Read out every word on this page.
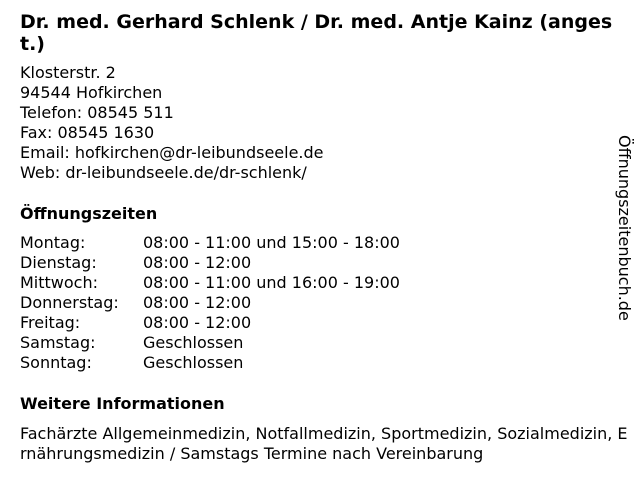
Dr. med. Gerhard Schlenk / Dr. med. Antje Kainz (angest.)
Klosterstr. 2
94544 Hofkirchen
Telefon: 08545 511
Fax: 08545 1630
Email: hofkirchen@dr-leibundseele.de
Web: dr-leibundseele.de/dr-schlenk/
Öffnungszeiten
Montag:	08:00 - 11:00 und 15:00 - 18:00
Dienstag:	08:00 - 12:00
Mittwoch:	08:00 - 11:00 und 16:00 - 19:00
Donnerstag:	08:00 - 12:00
Freitag:	08:00 - 12:00
Samstag:	Geschlossen
Sonntag:	Geschlossen
Weitere Informationen
Fachärzte Allgemeinmedizin, Notfallmedizin, Sportmedizin, Sozialmedizin, Ernährungsmedizin / Samstags Termine nach Vereinbarung
Öffnungszeitenbuch.de
